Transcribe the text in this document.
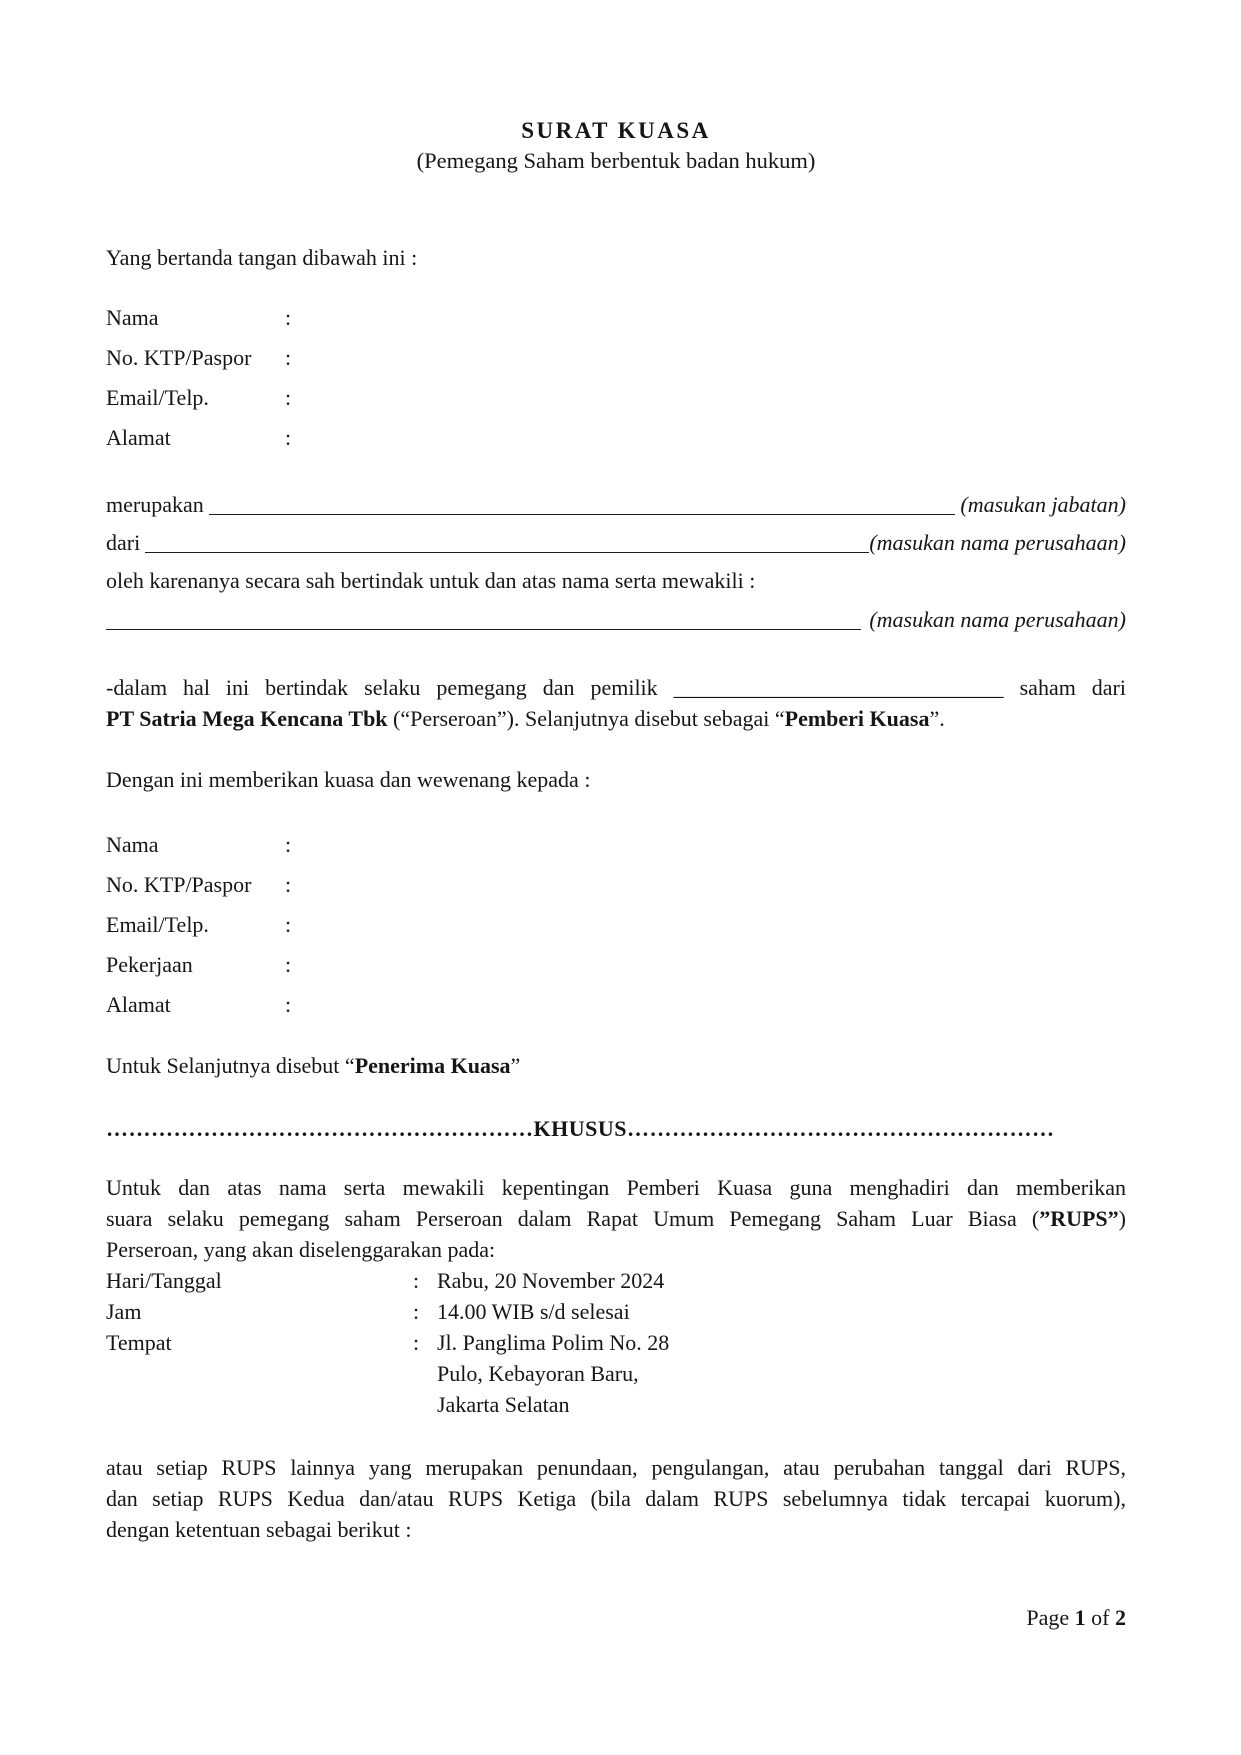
SURAT KUASA
(Pemegang Saham berbentuk badan hukum)
Yang bertanda tangan dibawah ini :
Nama	:
No. KTP/Paspor	:
Email/Telp.	:
Alamat	:
merupakan	(masukan jabatan)
dari	(masukan nama perusahaan)
oleh karenanya secara sah bertindak untuk dan atas nama serta mewakili :
(masukan nama perusahaan)
-dalam hal ini bertindak selaku pemegang dan pemilik ______________________________ saham dari
PT Satria Mega Kencana Tbk (“Perseroan”). Selanjutnya disebut sebagai “Pemberi Kuasa”.
Dengan ini memberikan kuasa dan wewenang kepada :
Nama	:
No. KTP/Paspor	:
Email/Telp.	:
Pekerjaan	:
Alamat	:
Untuk Selanjutnya disebut “Penerima Kuasa”
…………………………………………………KHUSUS…………………………………………………
Untuk dan atas nama serta mewakili kepentingan Pemberi Kuasa guna menghadiri dan memberikan
suara selaku pemegang saham Perseroan dalam Rapat Umum Pemegang Saham Luar Biasa (”RUPS”)
Perseroan, yang akan diselenggarakan pada:
Hari/Tanggal	: Rabu, 20 November 2024
Jam	: 14.00 WIB s/d selesai
Tempat	: Jl. Panglima Polim No. 28
Pulo, Kebayoran Baru,
Jakarta Selatan
atau setiap RUPS lainnya yang merupakan penundaan, pengulangan, atau perubahan tanggal dari RUPS,
dan setiap RUPS Kedua dan/atau RUPS Ketiga (bila dalam RUPS sebelumnya tidak tercapai kuorum),
dengan ketentuan sebagai berikut :
Page 1 of 2
